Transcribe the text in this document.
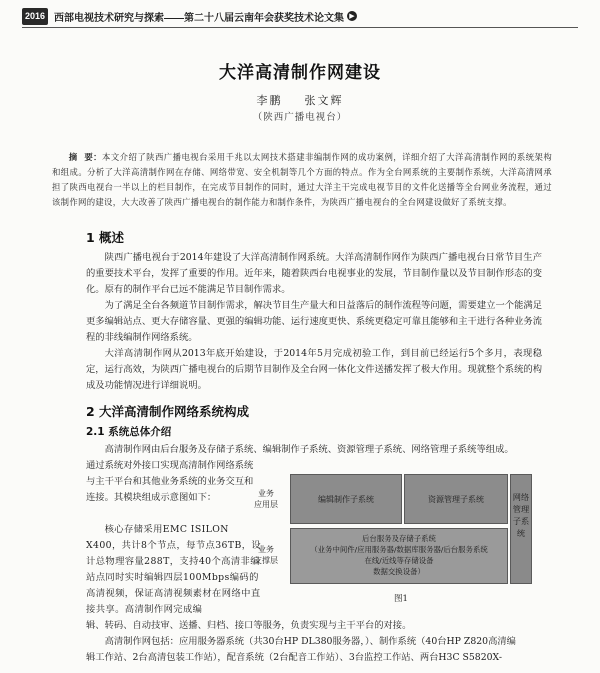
2016 西部电视技术研究与探索——第二十八届云南年会获奖技术论文集 ▶
大洋高清制作网建设
李鹏    张文辉
（陕西广播电视台）
摘  要：本文介绍了陕西广播电视台采用千兆以太网技术搭建非编制作网的成功案例，详细介绍了大洋高清制作网的系统架构和组成。分析了大洋高清制作网在存储、网络带宽、安全机制等几个方面的特点。作为全台网系统的主要制作系统，大洋高清网承担了陕西电视台一半以上的栏目制作，在完成节目制作的同时，通过大洋主干完成电视节目的文件化送播等全台网业务流程，通过该制作网的建设，大大改善了陕西广播电视台的制作能力和制作条件，为陕西广播电视台的全台网建设做好了系统支撑。
1 概述
陕西广播电视台于2014年建设了大洋高清制作网系统。大洋高清制作网作为陕西广播电视台日常节目生产的重要技术平台，发挥了重要的作用。近年来，随着陕西台电视事业的发展，节目制作量以及节目制作形态的变化。原有的制作平台已远不能满足节目制作需求。
为了满足全台各频道节目制作需求，解决节目生产量大和日益落后的制作流程等问题，需要建立一个能满足更多编辑站点、更大存储容量、更强的编辑功能、运行速度更快、系统更稳定可靠且能够和主干进行各种业务流程的非线编制作网络系统。
大洋高清制作网从2013年底开始建设，于2014年5月完成初验工作，到目前已经运行5个多月，表现稳定，运行高效，为陕西广播电视台的后期节目制作及全台网一体化文件送播发挥了极大作用。现就整个系统的构成及功能情况进行详细说明。
2 大洋高清制作网络系统构成
2.1 系统总体介绍
高清制作网由后台服务及存储子系统、编辑制作子系统、资源管理子系统、网络管理子系统等组成。
通过系统对外接口实现高清制作网络系统与主干平台和其他业务系统的业务交互和连接。其模块组成示意图如下：
核心存储采用EMC ISILON X400，共计8个节点，每节点36TB，设计总物理容量288T，支持40个高清非编站点同时实时编辑四层100Mbps编码的高清视频，保证高清视频素材在网络中直接共享。高清制作网完成编
辑、转码、自动技审、送播、归档、接口等服务，负责实现与主干平台的对接。
高清制作网包括：应用服务器系统（共30台HP DL380服务器，）、制作系统（40台HP Z820高清编
辑工作站、2台高清包装工作站），配音系统（2台配音工作站）、3台监控工作站、两台H3C S5820X-
业务
应用层
业务
支撑层
编辑制作子系统	资源管理子系统
后台服务及存储子系统
（业务中间件/应用服务器/数据库服务器/后台服务系统
在线/近线等存储设备
数据交换设备）
网络管理子系统
图1
